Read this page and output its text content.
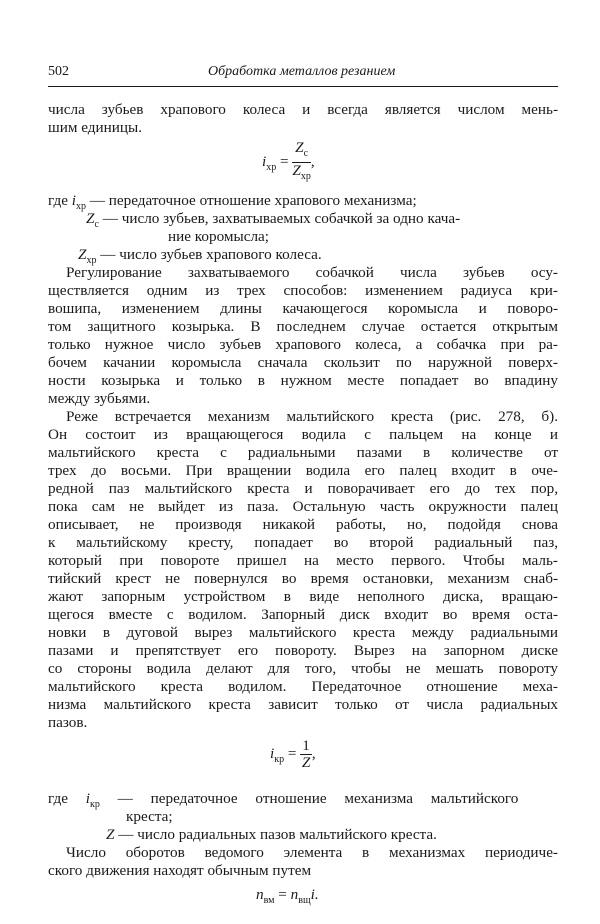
502	Обработка металлов резанием
числа зубьев храпового колеса и всегда является числом мень-
шим единицы.
$i_{хр} = \frac{Z_с}{Z_{хр}}$ ,
где $i_{хр}$ — передаточное отношение храпового механизма;
$Z_с$ — число зубьев, захватываемых собачкой за одно кача-
ние коромысла;
$Z_{хр}$ — число зубьев храпового колеса.
Регулирование захватываемого собачкой числа зубьев осу-
ществляется одним из трех способов: изменением радиуса кри-
вошипа, изменением длины качающегося коромысла и поворо-
том защитного козырька. В последнем случае остается открытым
только нужное число зубьев храпового колеса, а собачка при ра-
бочем качании коромысла сначала скользит по наружной поверх-
ности козырька и только в нужном месте попадает во впадину
между зубьями.
Реже встречается механизм мальтийского креста (рис. 278, б).
Он состоит из вращающегося водила с пальцем на конце и
мальтийского креста с радиальными пазами в количестве от
трех до восьми. При вращении водила его палец входит в оче-
редной паз мальтийского креста и поворачивает его до тех пор,
пока сам не выйдет из паза. Остальную часть окружности палец
описывает, не производя никакой работы, но, подойдя снова
к мальтийскому кресту, попадает во второй радиальный паз,
который при повороте пришел на место первого. Чтобы маль-
тийский крест не повернулся во время остановки, механизм снаб-
жают запорным устройством в виде неполного диска, вращаю-
щегося вместе с водилом. Запорный диск входит во время оста-
новки в дуговой вырез мальтийского креста между радиальными
пазами и препятствует его повороту. Вырез на запорном диске
со стороны водила делают для того, чтобы не мешать повороту
мальтийского креста водилом. Передаточное отношение меха-
низма мальтийского креста зависит только от числа радиальных
пазов.
$i_{кр} = \frac{1}{Z}$ ,
где $i_{кр}$ — передаточное отношение механизма мальтийского
креста;
Z — число радиальных пазов мальтийского креста.
Число оборотов ведомого элемента в механизмах периодиче-
ского движения находят обычным путем
$n_{вм} = n_{вщ}i$.
